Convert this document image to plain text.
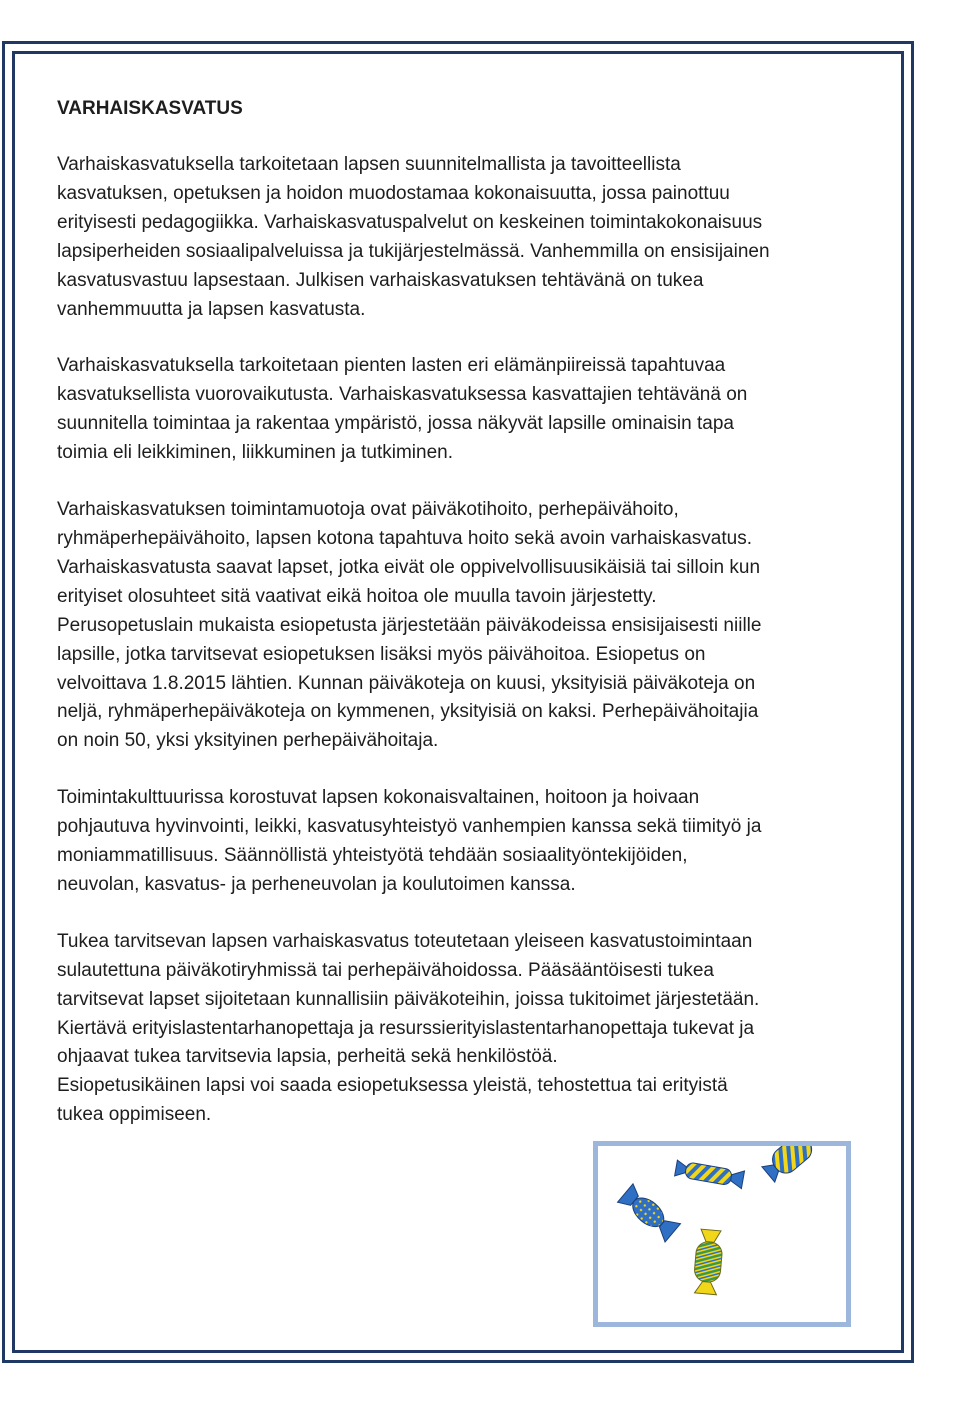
VARHAISKASVATUS
Varhaiskasvatuksella tarkoitetaan lapsen suunnitelmallista ja tavoitteellista
kasvatuksen, opetuksen ja hoidon muodostamaa kokonaisuutta, jossa painottuu
erityisesti pedagogiikka. Varhaiskasvatuspalvelut on keskeinen toimintakokonaisuus
lapsiperheiden sosiaalipalveluissa ja tukijärjestelmässä. Vanhemmilla on ensisijainen
kasvatusvastuu lapsestaan. Julkisen varhaiskasvatuksen tehtävänä on tukea
vanhemmuutta ja lapsen kasvatusta.
Varhaiskasvatuksella tarkoitetaan pienten lasten eri elämänpiireissä tapahtuvaa
kasvatuksellista vuorovaikutusta. Varhaiskasvatuksessa kasvattajien tehtävänä on
suunnitella toimintaa ja rakentaa ympäristö, jossa näkyvät lapsille ominaisin tapa
toimia eli leikkiminen, liikkuminen ja tutkiminen.
Varhaiskasvatuksen toimintamuotoja ovat päiväkotihoito, perhepäivähoito,
ryhmäperhepäivähoito, lapsen kotona tapahtuva hoito sekä avoin varhaiskasvatus.
Varhaiskasvatusta saavat lapset, jotka eivät ole oppivelvollisuusikäisiä tai silloin kun
erityiset olosuhteet sitä vaativat eikä hoitoa ole muulla tavoin järjestetty.
Perusopetuslain mukaista esiopetusta järjestetään päiväkodeissa ensisijaisesti niille
lapsille, jotka tarvitsevat esiopetuksen lisäksi myös päivähoitoa. Esiopetus on
velvoittava 1.8.2015 lähtien. Kunnan päiväkoteja on kuusi, yksityisiä päiväkoteja on
neljä, ryhmäperhepäiväkoteja on kymmenen, yksityisiä on kaksi. Perhepäivähoitajia
on noin 50, yksi yksityinen perhepäivähoitaja.
Toimintakulttuurissa korostuvat lapsen kokonaisvaltainen, hoitoon ja hoivaan
pohjautuva hyvinvointi, leikki, kasvatusyhteistyö vanhempien kanssa sekä tiimityö ja
moniammatillisuus. Säännöllistä yhteistyötä tehdään sosiaalityöntekijöiden,
neuvolan, kasvatus- ja perheneuvolan ja koulutoimen kanssa.
Tukea tarvitsevan lapsen varhaiskasvatus toteutetaan yleiseen kasvatustoimintaan
sulautettuna päiväkotiryhmissä tai perhepäivähoidossa. Pääsääntöisesti tukea
tarvitsevat lapset sijoitetaan kunnallisiin päiväkoteihin, joissa tukitoimet järjestetään.
Kiertävä erityislastentarhanopettaja ja resurssierityislastentarhanopettaja tukevat ja
ohjaavat tukea tarvitsevia lapsia, perheitä sekä henkilöstöä.
Esiopetusikäinen lapsi voi saada esiopetuksessa yleistä, tehostettua tai erityistä
tukea oppimiseen.
